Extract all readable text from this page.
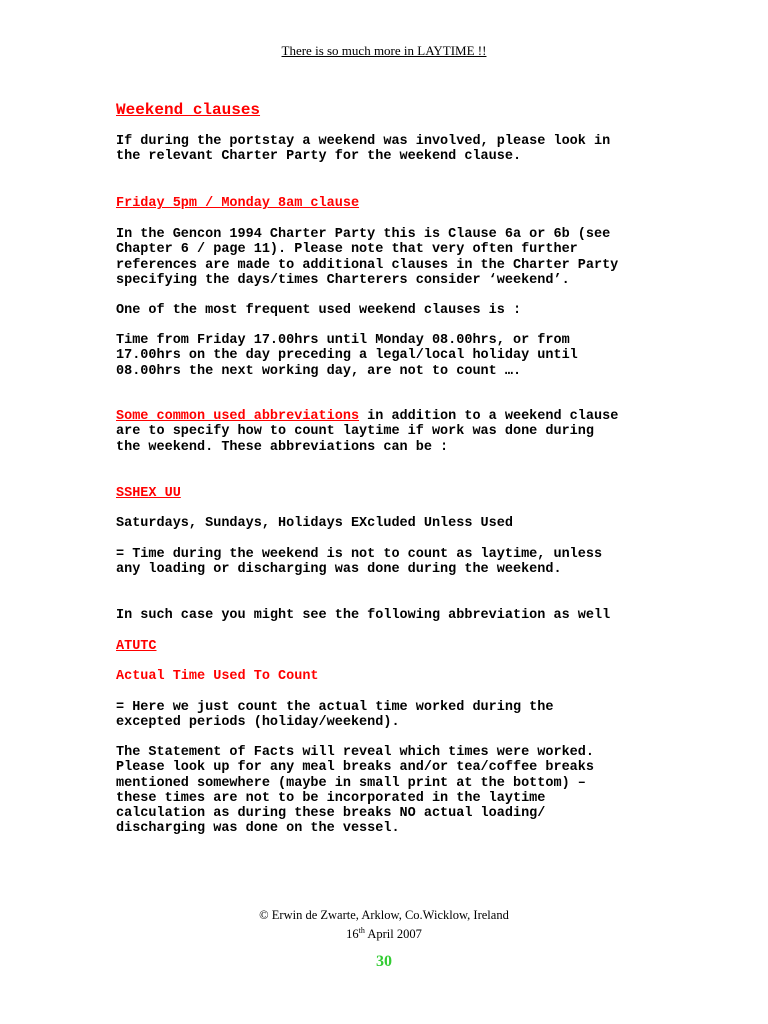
There is so much more in LAYTIME !!

Weekend clauses

If during the portstay a weekend was involved, please look in
the relevant Charter Party for the weekend clause.

Friday 5pm / Monday 8am clause

In the Gencon 1994 Charter Party this is Clause 6a or 6b (see
Chapter 6 / page 11). Please note that very often further
references are made to additional clauses in the Charter Party
specifying the days/times Charterers consider ‘weekend’.

One of the most frequent used weekend clauses is :

Time from Friday 17.00hrs until Monday 08.00hrs, or from
17.00hrs on the day preceding a legal/local holiday until
08.00hrs the next working day, are not to count ….

Some common used abbreviations in addition to a weekend clause
are to specify how to count laytime if work was done during
the weekend. These abbreviations can be :

SSHEX UU

Saturdays, Sundays, Holidays EXcluded Unless Used

= Time during the weekend is not to count as laytime, unless
any loading or discharging was done during the weekend.

In such case you might see the following abbreviation as well

ATUTC

Actual Time Used To Count

= Here we just count the actual time worked during the
excepted periods (holiday/weekend).

The Statement of Facts will reveal which times were worked.
Please look up for any meal breaks and/or tea/coffee breaks
mentioned somewhere (maybe in small print at the bottom) –
these times are not to be incorporated in the laytime
calculation as during these breaks NO actual loading/
discharging was done on the vessel.

© Erwin de Zwarte, Arklow, Co.Wicklow, Ireland
16th April 2007
30
